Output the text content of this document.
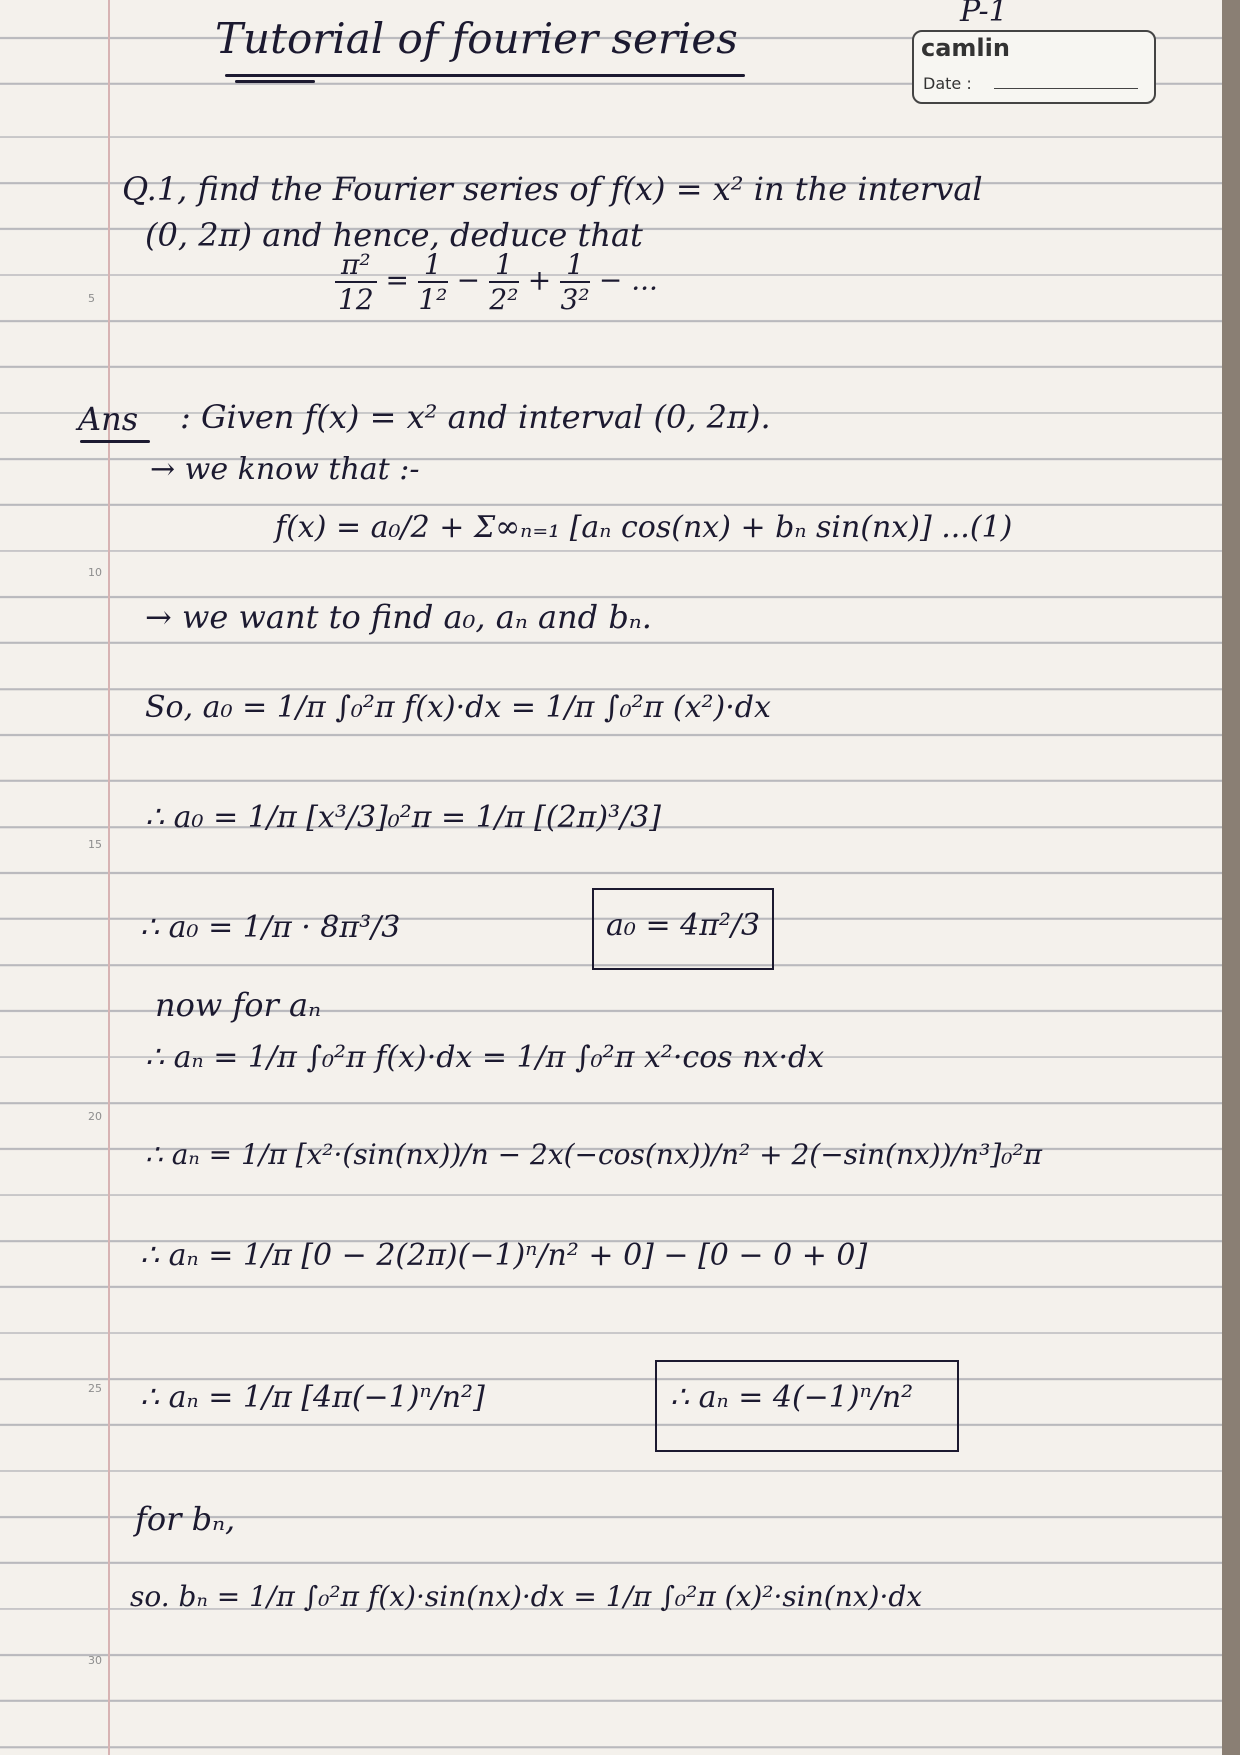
5
10
15
20
25
30
Tutorial of fourier series
P-1
camlin
Date :
Q.1, find the Fourier series of f(x) = x² in the interval
(0, 2π) and hence, deduce that
$\frac{\text{π²}}{12} = \frac{1}{\text{1²}} - \frac{1}{\text{2²}} + \frac{1}{\text{3²}}$ − ...
Ans : Given f(x) = x² and interval (0, 2π).
→ we know that :-
f(x) = a₀/2 + Σ∞ₙ₌₁ [aₙ cos(nx) + bₙ sin(nx)] ...(1)
→ we want to find a₀, aₙ and bₙ.
So, a₀ = 1/π ∫₀²π f(x)·dx = 1/π ∫₀²π (x²)·dx
∴ a₀ = 1/π [x³/3]₀²π = 1/π [(2π)³/3]
∴ a₀ = 1/π · 8π³/3	a₀ = 4π²/3
now for aₙ
∴ aₙ = 1/π ∫₀²π f(x)·dx = 1/π ∫₀²π x²·cos nx·dx
∴ aₙ = 1/π [x²·(sin(nx))/n − 2x(−cos(nx))/n² + 2(−sin(nx))/n³]₀²π
∴ aₙ = 1/π [0 − 2(2π)(−1)ⁿ/n² + 0] − [0 − 0 + 0]
∴ aₙ = 1/π [4π(−1)ⁿ/n²]	∴ aₙ = 4(−1)ⁿ/n²
for bₙ,
so. bₙ = 1/π ∫₀²π f(x)·sin(nx)·dx = 1/π ∫₀²π (x)²·sin(nx)·dx
